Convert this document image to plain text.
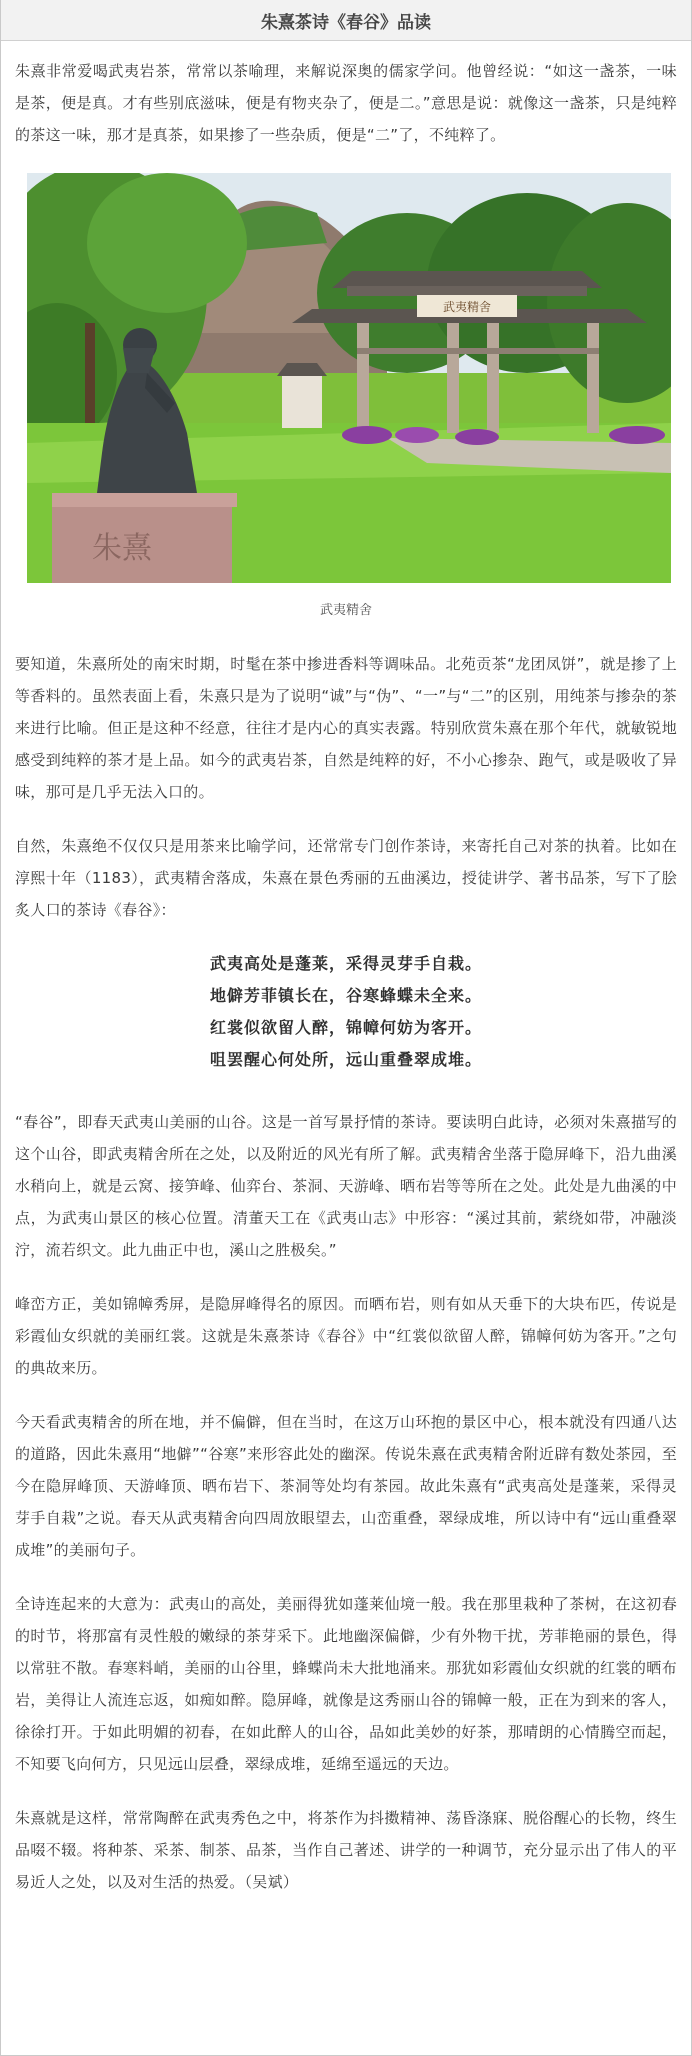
朱熹茶诗《春谷》品读

朱熹非常爱喝武夷岩茶，常常以茶喻理，来解说深奥的儒家学问。他曾经说：“如这一盏茶，一味是茶，便是真。才有些别底滋味，便是有物夹杂了，便是二。”意思是说：就像这一盏茶，只是纯粹的茶这一味，那才是真茶，如果掺了一些杂质，便是“二”了，不纯粹了。

武夷精舍
朱熹
武夷精舍

要知道，朱熹所处的南宋时期，时髦在茶中掺进香料等调味品。北苑贡茶“龙团凤饼”，就是掺了上等香料的。虽然表面上看，朱熹只是为了说明“诚”与“伪”、“一”与“二”的区别，用纯茶与掺杂的茶来进行比喻。但正是这种不经意，往往才是内心的真实表露。特别欣赏朱熹在那个年代，就敏锐地感受到纯粹的茶才是上品。如今的武夷岩茶，自然是纯粹的好，不小心掺杂、跑气，或是吸收了异味，那可是几乎无法入口的。

自然，朱熹绝不仅仅只是用茶来比喻学问，还常常专门创作茶诗，来寄托自己对茶的执着。比如在淳熙十年（1183），武夷精舍落成，朱熹在景色秀丽的五曲溪边，授徒讲学、著书品茶，写下了脍炙人口的茶诗《春谷》：

武夷高处是蓬莱，采得灵芽手自栽。
地僻芳菲镇长在，谷寒蜂蝶未全来。
红裳似欲留人醉，锦幛何妨为客开。
咀罢醒心何处所，远山重叠翠成堆。

“春谷”，即春天武夷山美丽的山谷。这是一首写景抒情的茶诗。要读明白此诗，必须对朱熹描写的这个山谷，即武夷精舍所在之处，以及附近的风光有所了解。武夷精舍坐落于隐屏峰下，沿九曲溪水稍向上，就是云窝、接笋峰、仙弈台、茶洞、天游峰、晒布岩等等所在之处。此处是九曲溪的中点，为武夷山景区的核心位置。清董天工在《武夷山志》中形容：“溪过其前，萦绕如带，冲融淡泞，流若织文。此九曲正中也，溪山之胜极矣。”

峰峦方正，美如锦幛秀屏，是隐屏峰得名的原因。而晒布岩，则有如从天垂下的大块布匹，传说是彩霞仙女织就的美丽红裳。这就是朱熹茶诗《春谷》中“红裳似欲留人醉，锦幛何妨为客开。”之句的典故来历。

今天看武夷精舍的所在地，并不偏僻，但在当时，在这万山环抱的景区中心，根本就没有四通八达的道路，因此朱熹用“地僻”“谷寒”来形容此处的幽深。传说朱熹在武夷精舍附近辟有数处茶园，至今在隐屏峰顶、天游峰顶、晒布岩下、茶洞等处均有茶园。故此朱熹有“武夷高处是蓬莱，采得灵芽手自栽”之说。春天从武夷精舍向四周放眼望去，山峦重叠，翠绿成堆，所以诗中有“远山重叠翠成堆”的美丽句子。

全诗连起来的大意为：武夷山的高处，美丽得犹如蓬莱仙境一般。我在那里栽种了茶树，在这初春的时节，将那富有灵性般的嫩绿的茶芽采下。此地幽深偏僻，少有外物干扰，芳菲艳丽的景色，得以常驻不散。春寒料峭，美丽的山谷里，蜂蝶尚未大批地涌来。那犹如彩霞仙女织就的红裳的晒布岩，美得让人流连忘返，如痴如醉。隐屏峰，就像是这秀丽山谷的锦幛一般，正在为到来的客人，徐徐打开。于如此明媚的初春，在如此醉人的山谷，品如此美妙的好茶，那晴朗的心情腾空而起，不知要飞向何方，只见远山层叠，翠绿成堆，延绵至遥远的天边。

朱熹就是这样，常常陶醉在武夷秀色之中，将茶作为抖擞精神、荡昏涤寐、脱俗醒心的长物，终生品啜不辍。将种茶、采茶、制茶、品茶，当作自己著述、讲学的一种调节，充分显示出了伟人的平易近人之处，以及对生活的热爱。（吴斌）
